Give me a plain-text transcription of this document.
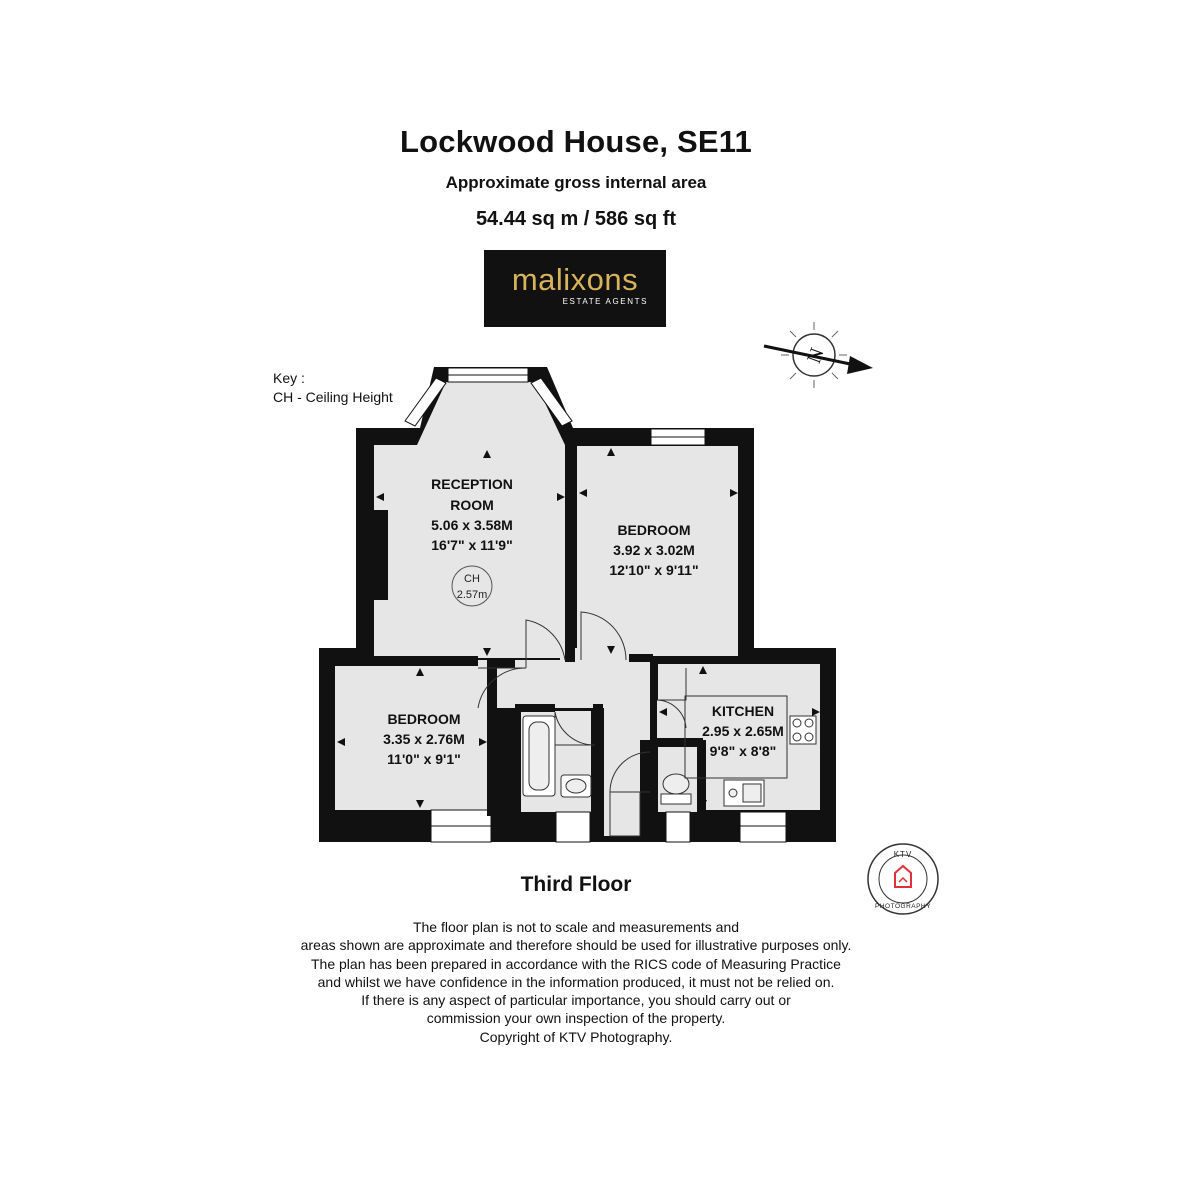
Lockwood House, SE11
Approximate gross internal area
54.44 sq m / 586 sq ft
malixons
ESTATE AGENTS
Key :
CH - Ceiling Height
N
RECEPTION
ROOM
5.06 x 3.58M
16'7" x 11'9"
CH
2.57m
BEDROOM
3.92 x 3.02M
12'10" x 9'11"
BEDROOM
3.35 x 2.76M
11'0" x 9'1"
KITCHEN
2.95 x 2.65M
9'8" x 8'8"
KTV
PHOTOGRAPHY
Third Floor
The floor plan is not to scale and measurements and
areas shown are approximate and therefore should be used for illustrative purposes only.
The plan has been prepared in accordance with the RICS code of Measuring Practice
and whilst we have confidence in the information produced, it must not be relied on.
If there is any aspect of particular importance, you should carry out or
commission your own inspection of the property.
Copyright of KTV Photography.
